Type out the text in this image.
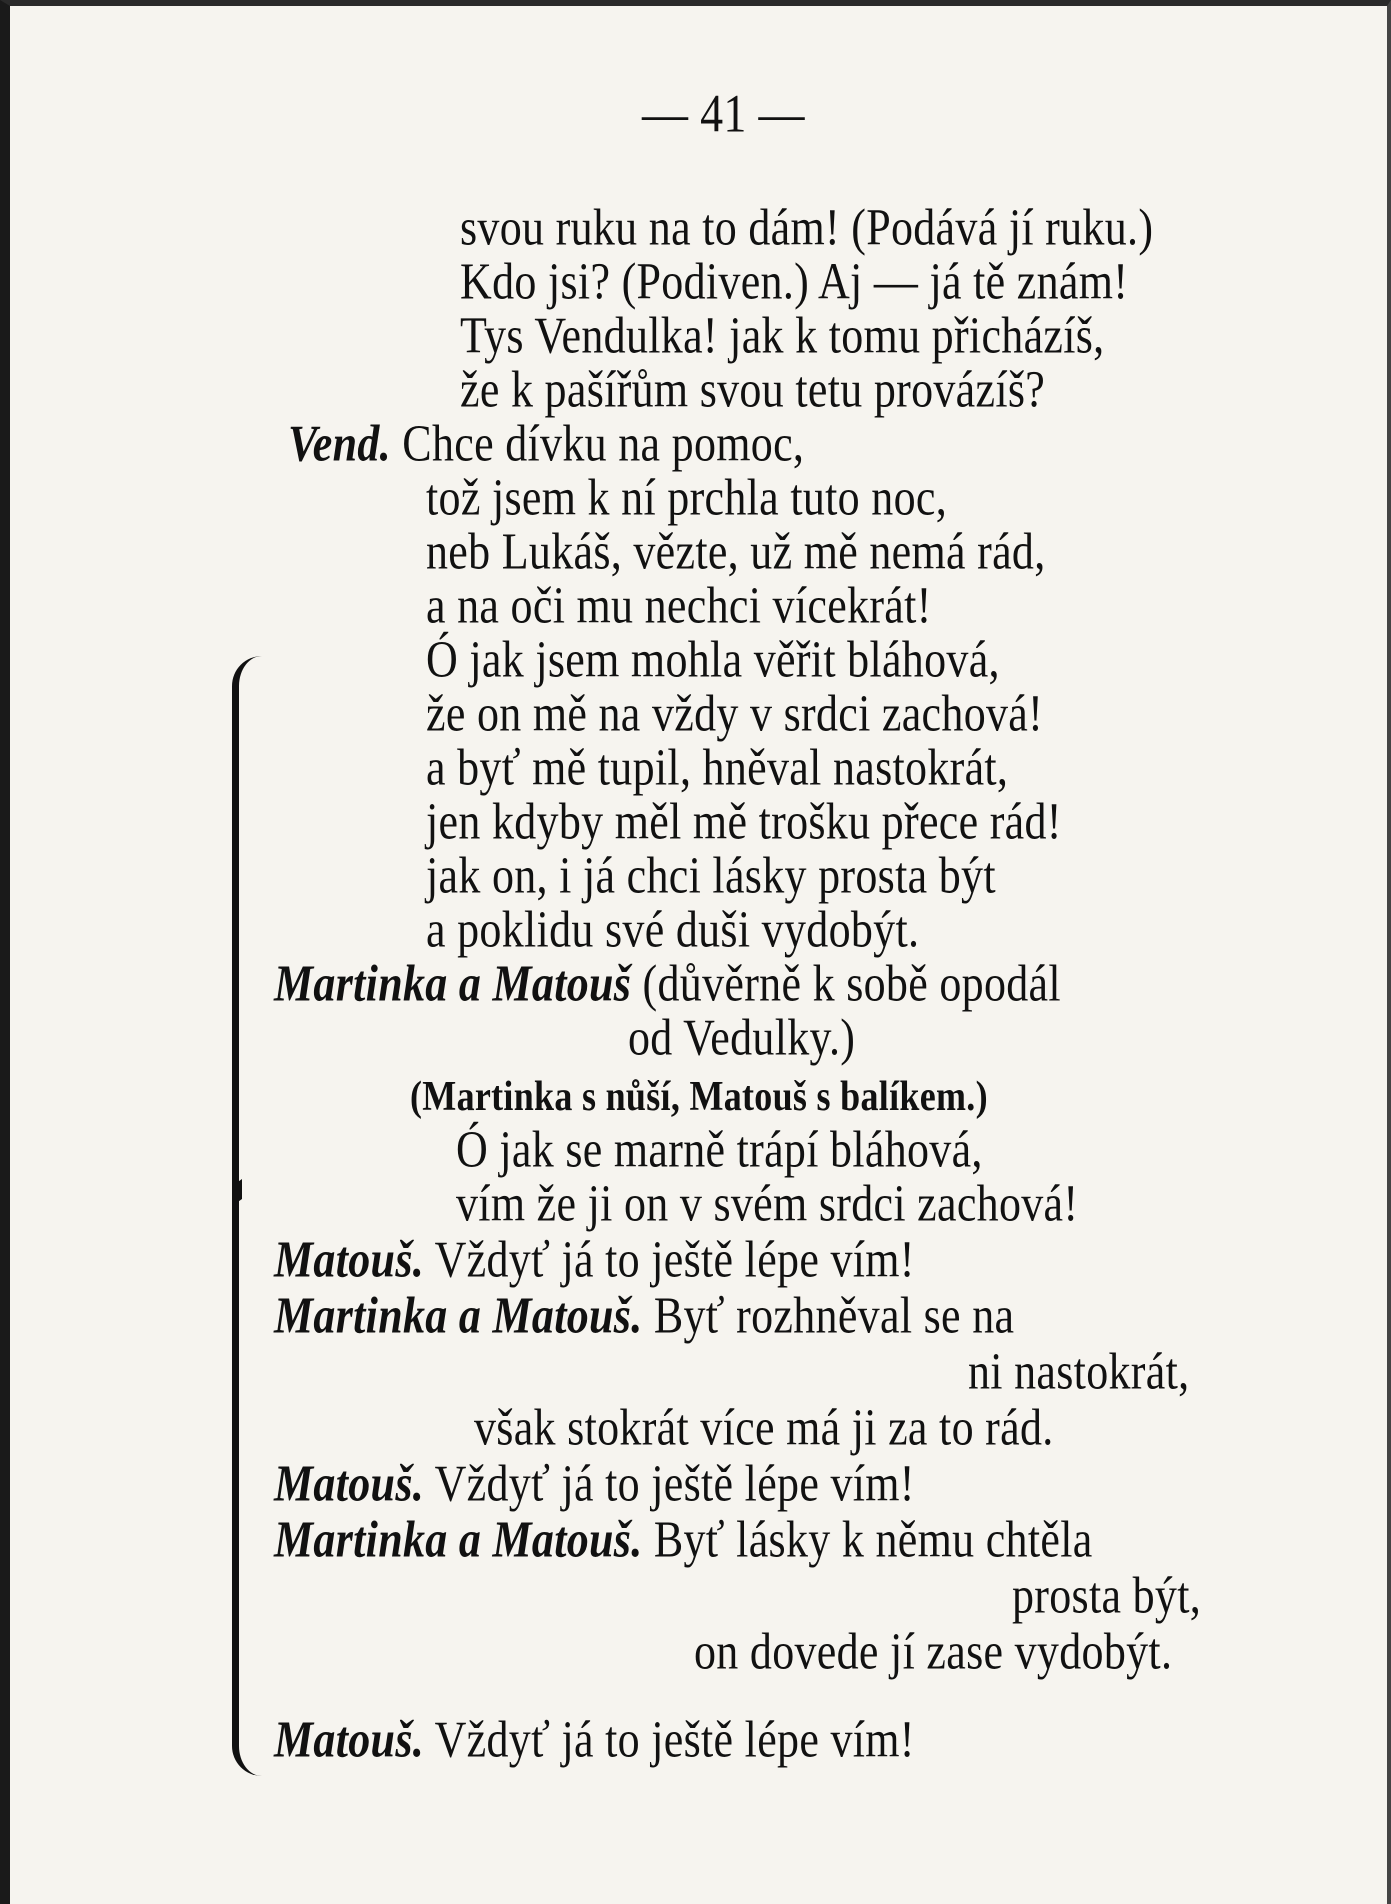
— 41 —
svou ruku na to dám! (Podává jí ruku.)
Kdo jsi? (Podiven.) Aj — já tě znám!
Tys Vendulka! jak k tomu přicházíš,
že k pašířům svou tetu provázíš?
Vend. Chce dívku na pomoc,
tož jsem k ní prchla tuto noc,
neb Lukáš, vězte, už mě nemá rád,
a na oči mu nechci vícekrát!
Ó jak jsem mohla věřit bláhová,
že on mě na vždy v srdci zachová!
a byť mě tupil, hněval nastokrát,
jen kdyby měl mě trošku přece rád!
jak on, i já chci lásky prosta být
a poklidu své duši vydobýt.
Martinka a Matouš (důvěrně k sobě opodál
od Vedulky.)
(Martinka s nůší, Matouš s balíkem.)
Ó jak se marně trápí bláhová,
vím že ji on v svém srdci zachová!
Matouš. Vždyť já to ještě lépe vím!
Martinka a Matouš. Byť rozhněval se na
ni nastokrát,
však stokrát více má ji za to rád.
Matouš. Vždyť já to ještě lépe vím!
Martinka a Matouš. Byť lásky k němu chtěla
prosta být,
on dovede jí zase vydobýt.
Matouš. Vždyť já to ještě lépe vím!
